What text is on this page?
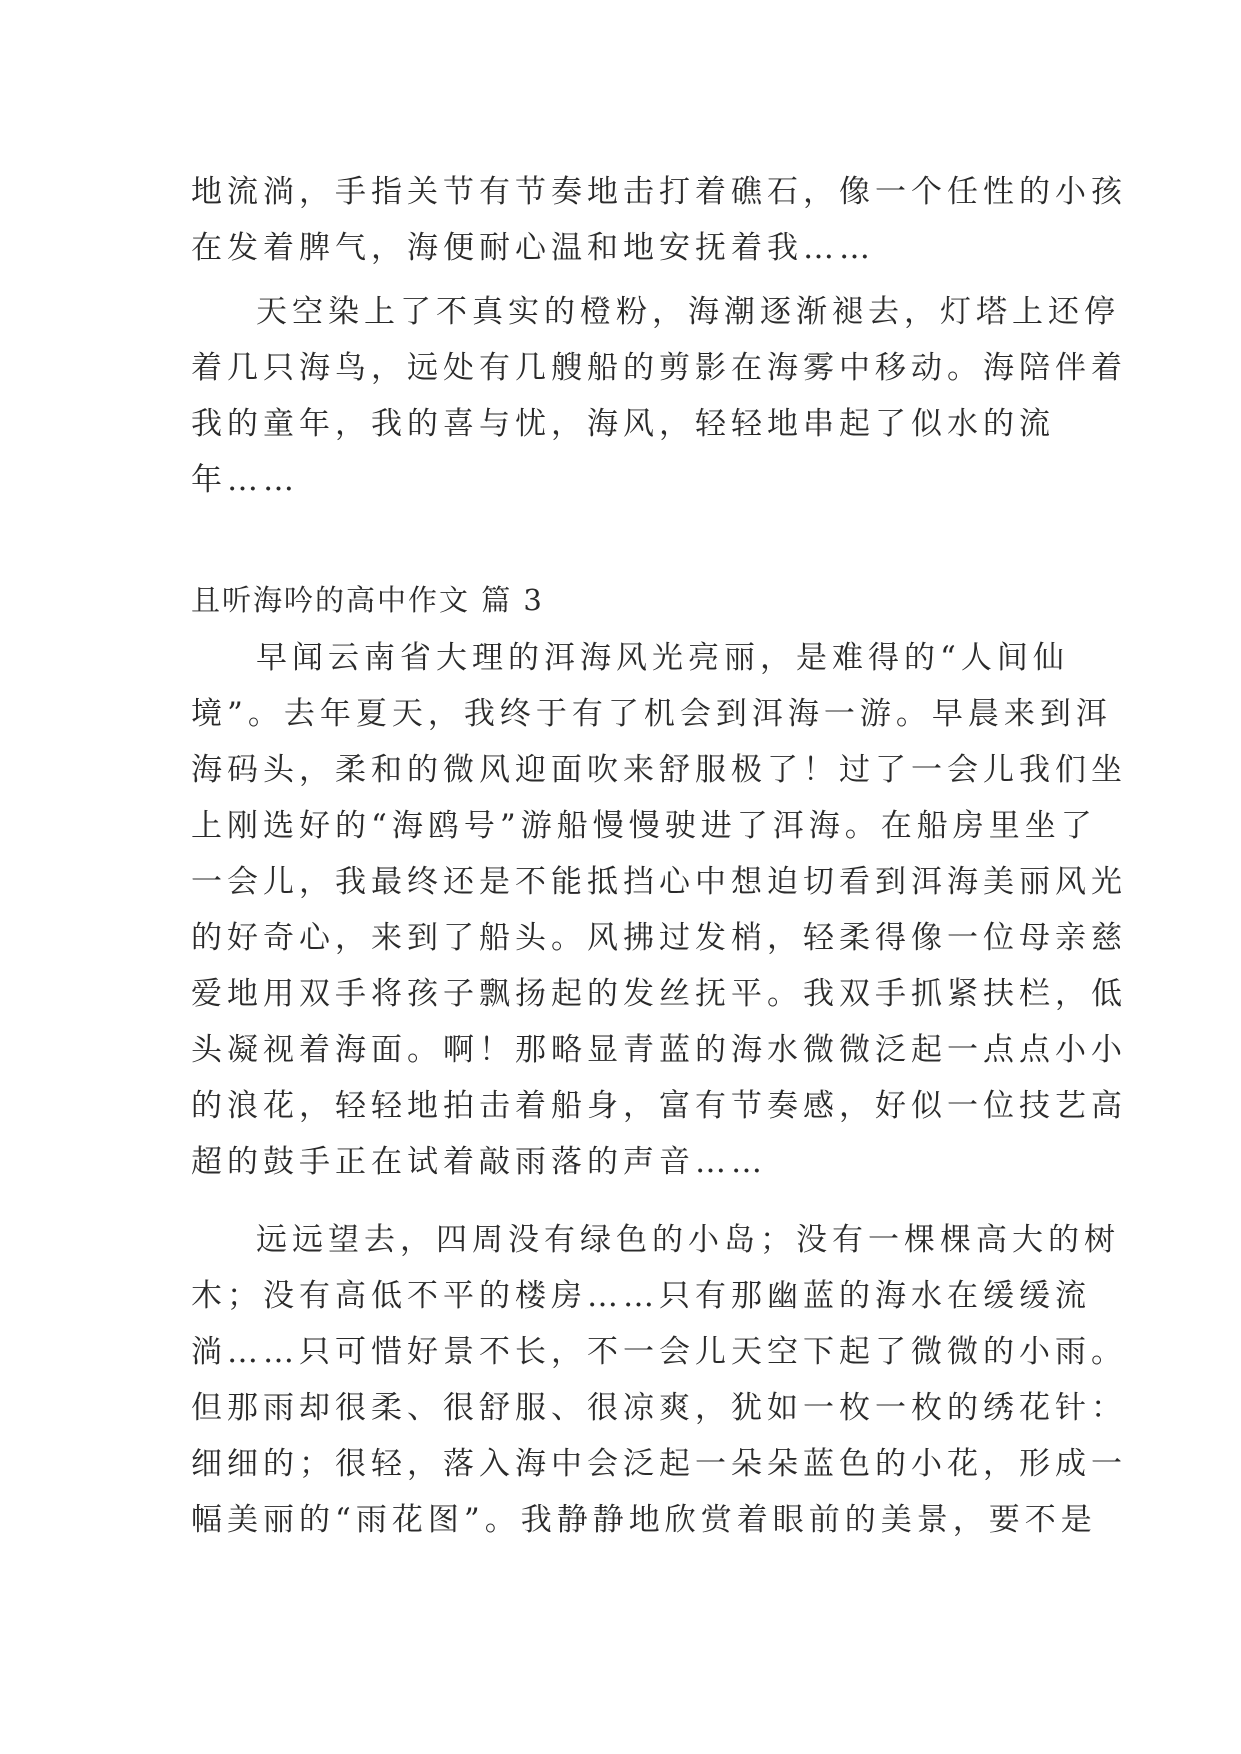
地流淌，手指关节有节奏地击打着礁石，像一个任性的小孩
在发着脾气，海便耐心温和地安抚着我……
天空染上了不真实的橙粉，海潮逐渐褪去，灯塔上还停
着几只海鸟，远处有几艘船的剪影在海雾中移动。海陪伴着
我的童年，我的喜与忧，海风，轻轻地串起了似水的流
年……
且听海吟的高中作文 篇 3
早闻云南省大理的洱海风光亮丽，是难得的“人间仙
境”。去年夏天，我终于有了机会到洱海一游。早晨来到洱
海码头，柔和的微风迎面吹来舒服极了！过了一会儿我们坐
上刚选好的“海鸥号”游船慢慢驶进了洱海。在船房里坐了
一会儿，我最终还是不能抵挡心中想迫切看到洱海美丽风光
的好奇心，来到了船头。风拂过发梢，轻柔得像一位母亲慈
爱地用双手将孩子飘扬起的发丝抚平。我双手抓紧扶栏，低
头凝视着海面。啊！那略显青蓝的海水微微泛起一点点小小
的浪花，轻轻地拍击着船身，富有节奏感，好似一位技艺高
超的鼓手正在试着敲雨落的声音……
远远望去，四周没有绿色的小岛；没有一棵棵高大的树
木；没有高低不平的楼房……只有那幽蓝的海水在缓缓流
淌……只可惜好景不长，不一会儿天空下起了微微的小雨。
但那雨却很柔、很舒服、很凉爽，犹如一枚一枚的绣花针：
细细的；很轻，落入海中会泛起一朵朵蓝色的小花，形成一
幅美丽的“雨花图”。我静静地欣赏着眼前的美景，要不是
